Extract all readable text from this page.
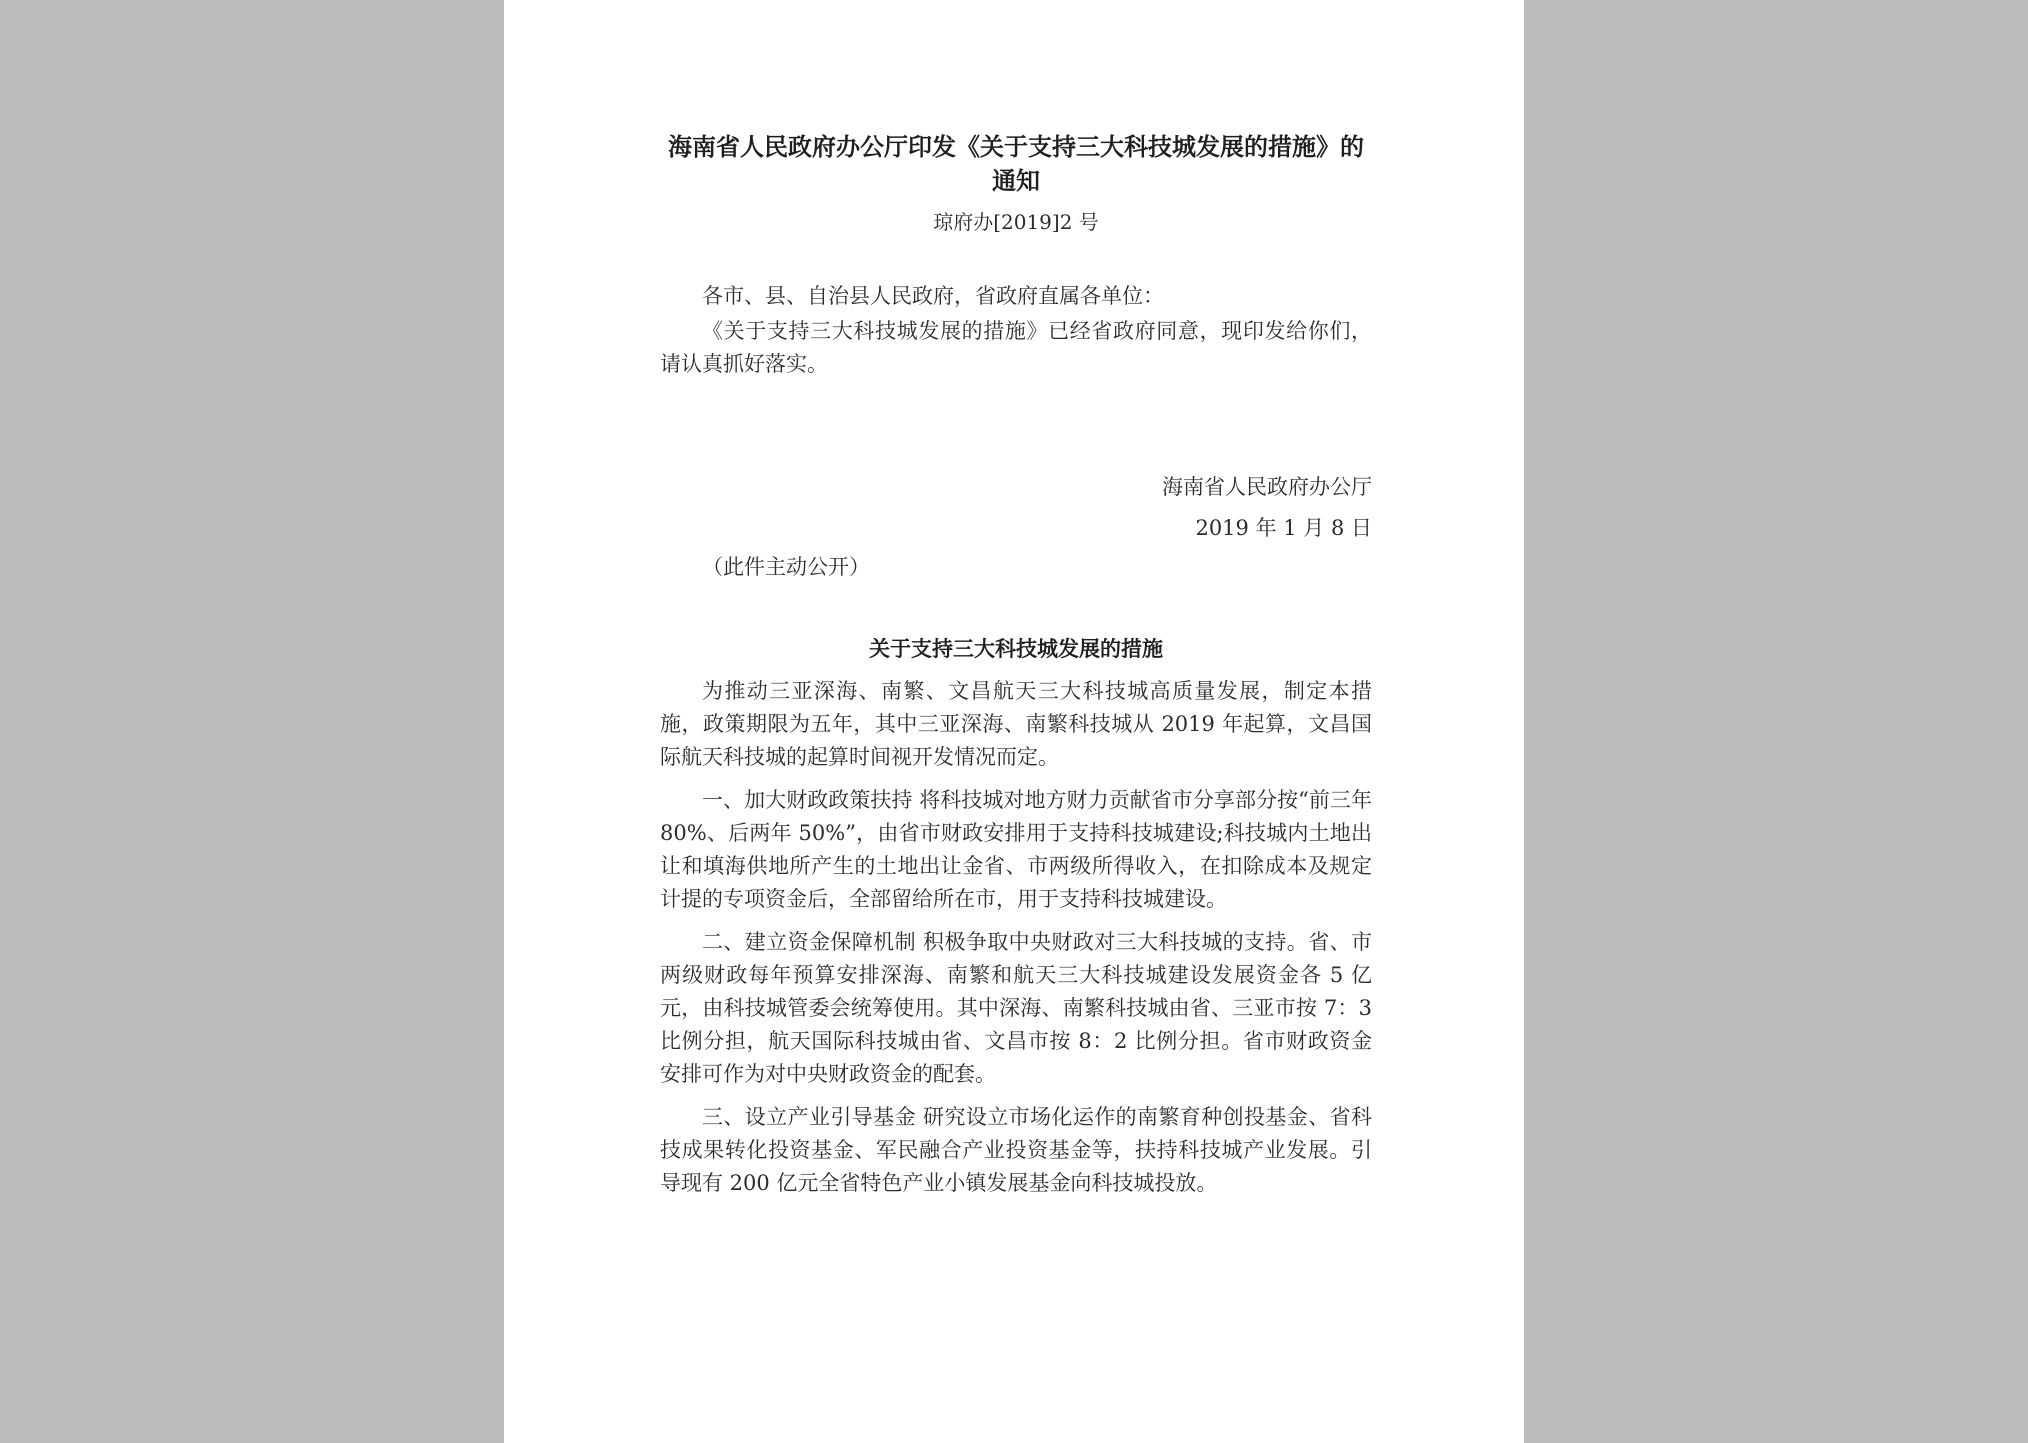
海南省人民政府办公厅印发《关于支持三大科技城发展的措施》的通知
琼府办[2019]2 号
各市、县、自治县人民政府，省政府直属各单位：

《关于支持三大科技城发展的措施》已经省政府同意，现印发给你们，请认真抓好落实。

海南省人民政府办公厅
2019 年 1 月 8 日
（此件主动公开）
关于支持三大科技城发展的措施

为推动三亚深海、南繁、文昌航天三大科技城高质量发展，制定本措施，政策期限为五年，其中三亚深海、南繁科技城从 2019 年起算，文昌国际航天科技城的起算时间视开发情况而定。

一、加大财政政策扶持 将科技城对地方财力贡献省市分享部分按“前三年 80%、后两年 50%”，由省市财政安排用于支持科技城建设;科技城内土地出让和填海供地所产生的土地出让金省、市两级所得收入，在扣除成本及规定计提的专项资金后，全部留给所在市，用于支持科技城建设。

二、建立资金保障机制 积极争取中央财政对三大科技城的支持。省、市两级财政每年预算安排深海、南繁和航天三大科技城建设发展资金各 5 亿元，由科技城管委会统筹使用。其中深海、南繁科技城由省、三亚市按 7：3 比例分担，航天国际科技城由省、文昌市按 8：2 比例分担。省市财政资金安排可作为对中央财政资金的配套。

三、设立产业引导基金 研究设立市场化运作的南繁育种创投基金、省科技成果转化投资基金、军民融合产业投资基金等，扶持科技城产业发展。引导现有 200 亿元全省特色产业小镇发展基金向科技城投放。
